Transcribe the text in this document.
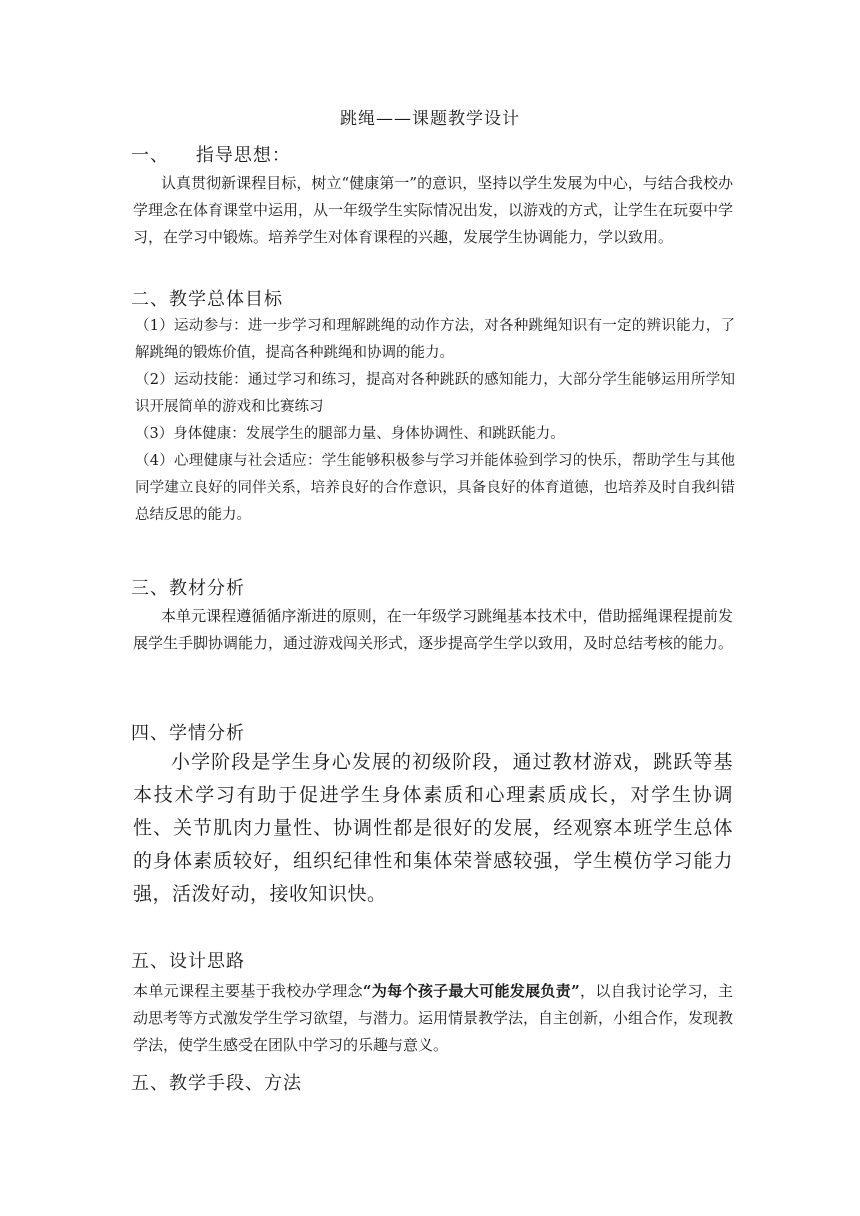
跳绳——课题教学设计
一、    指导思想：

认真贯彻新课程目标，树立“健康第一”的意识，坚持以学生发展为中心，与结合我校办学理念在体育课堂中运用，从一年级学生实际情况出发，以游戏的方式，让学生在玩耍中学习，在学习中锻炼。培养学生对体育课程的兴趣，发展学生协调能力，学以致用。

二、教学总体目标

（1）运动参与：进一步学习和理解跳绳的动作方法，对各种跳绳知识有一定的辨识能力，了解跳绳的锻炼价值，提高各种跳绳和协调的能力。

（2）运动技能：通过学习和练习，提高对各种跳跃的感知能力，大部分学生能够运用所学知识开展简单的游戏和比赛练习

（3）身体健康：发展学生的腿部力量、身体协调性、和跳跃能力。

（4）心理健康与社会适应：学生能够积极参与学习并能体验到学习的快乐，帮助学生与其他同学建立良好的同伴关系，培养良好的合作意识，具备良好的体育道德，也培养及时自我纠错总结反思的能力。

三、教材分析

本单元课程遵循循序渐进的原则，在一年级学习跳绳基本技术中，借助摇绳课程提前发展学生手脚协调能力，通过游戏闯关形式，逐步提高学生学以致用，及时总结考核的能力。

四、学情分析

小学阶段是学生身心发展的初级阶段，通过教材游戏，跳跃等基本技术学习有助于促进学生身体素质和心理素质成长，对学生协调性、关节肌肉力量性、协调性都是很好的发展，经观察本班学生总体的身体素质较好，组织纪律性和集体荣誉感较强，学生模仿学习能力强，活泼好动，接收知识快。

五、设计思路

本单元课程主要基于我校办学理念“为每个孩子最大可能发展负责”，以自我讨论学习，主动思考等方式激发学生学习欲望，与潜力。运用情景教学法，自主创新，小组合作，发现教学法，使学生感受在团队中学习的乐趣与意义。

五、教学手段、方法
